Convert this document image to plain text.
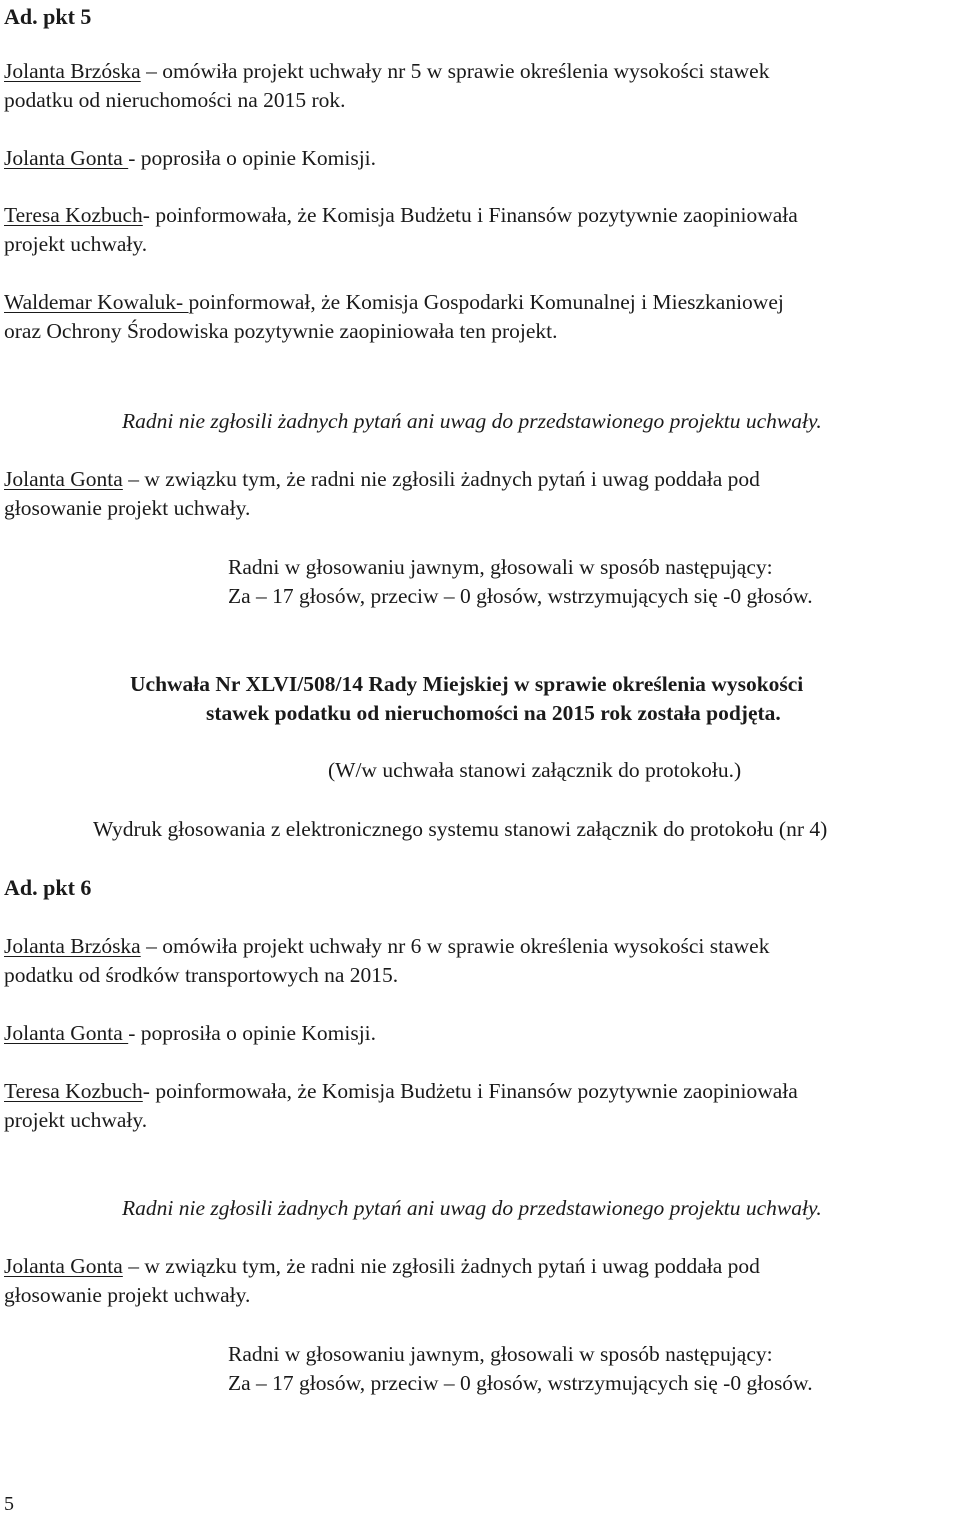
Ad. pkt 5
Jolanta Brzóska – omówiła projekt uchwały nr 5 w sprawie określenia wysokości stawek
podatku od nieruchomości na 2015 rok.
Jolanta Gonta - poprosiła o opinie Komisji.
Teresa Kozbuch- poinformowała, że Komisja Budżetu i Finansów pozytywnie zaopiniowała
projekt uchwały.
Waldemar Kowaluk- poinformował, że Komisja Gospodarki Komunalnej i Mieszkaniowej
oraz Ochrony Środowiska pozytywnie zaopiniowała ten projekt.
Radni nie zgłosili żadnych pytań ani uwag do przedstawionego projektu uchwały.
Jolanta Gonta – w związku tym, że radni nie zgłosili żadnych pytań i uwag poddała pod
głosowanie projekt uchwały.
Radni w głosowaniu jawnym, głosowali w sposób następujący:
Za – 17 głosów, przeciw – 0 głosów, wstrzymujących się -0 głosów.
Uchwała Nr XLVI/508/14 Rady Miejskiej w sprawie określenia wysokości
stawek podatku od nieruchomości na 2015 rok została podjęta.
(W/w uchwała stanowi załącznik do protokołu.)
Wydruk głosowania z elektronicznego systemu stanowi załącznik do protokołu (nr 4)
Ad. pkt 6
Jolanta Brzóska – omówiła projekt uchwały nr 6 w sprawie określenia wysokości stawek
podatku od środków transportowych na 2015.
Jolanta Gonta - poprosiła o opinie Komisji.
Teresa Kozbuch- poinformowała, że Komisja Budżetu i Finansów pozytywnie zaopiniowała
projekt uchwały.
Radni nie zgłosili żadnych pytań ani uwag do przedstawionego projektu uchwały.
Jolanta Gonta – w związku tym, że radni nie zgłosili żadnych pytań i uwag poddała pod
głosowanie projekt uchwały.
Radni w głosowaniu jawnym, głosowali w sposób następujący:
Za – 17 głosów, przeciw – 0 głosów, wstrzymujących się -0 głosów.
5
